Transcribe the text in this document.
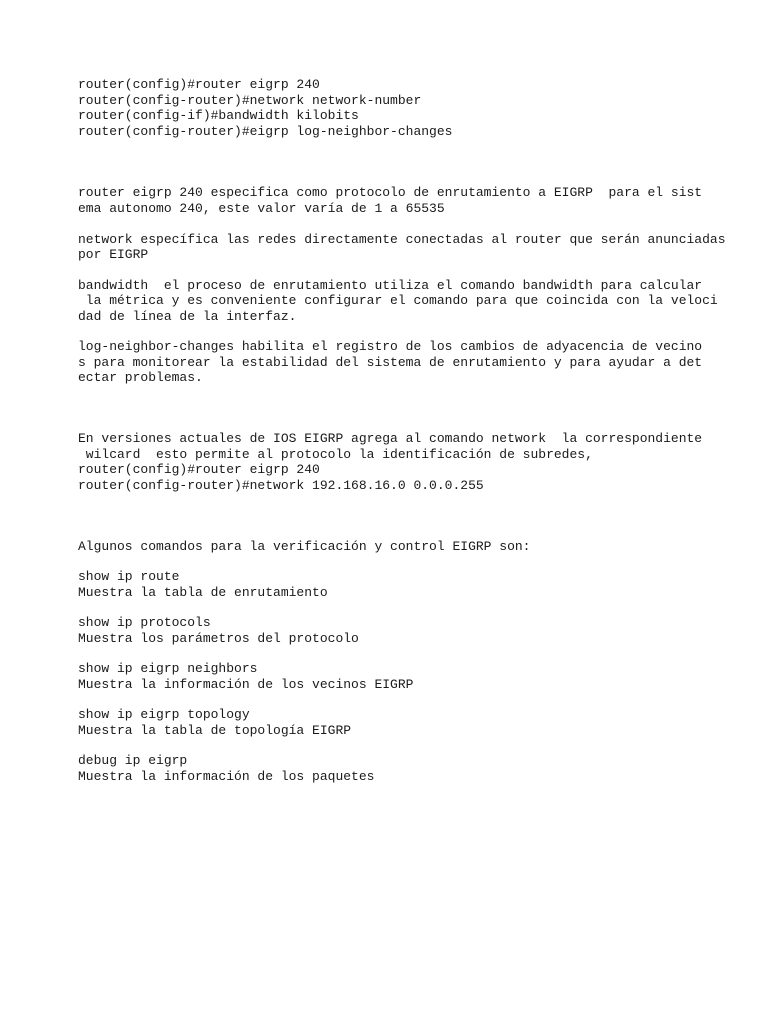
router(config)#router eigrp 240

router(config-router)#network network-number

router(config-if)#bandwidth kilobits

router(config-router)#eigrp log-neighbor-changes

router eigrp 240 especifica como protocolo de enrutamiento a EIGRP  para el sist

ema autonomo 240, este valor varía de 1 a 65535

network específica las redes directamente conectadas al router que serán anunciadas

por EIGRP

bandwidth  el proceso de enrutamiento utiliza el comando bandwidth para calcular

la métrica y es conveniente configurar el comando para que coincida con la veloci

dad de línea de la interfaz.

log-neighbor-changes habilita el registro de los cambios de adyacencia de vecino

s para monitorear la estabilidad del sistema de enrutamiento y para ayudar a det

ectar problemas.

En versiones actuales de IOS EIGRP agrega al comando network  la correspondiente

wilcard  esto permite al protocolo la identificación de subredes,

router(config)#router eigrp 240

router(config-router)#network 192.168.16.0 0.0.0.255

Algunos comandos para la verificación y control EIGRP son:

show ip route

Muestra la tabla de enrutamiento

show ip protocols

Muestra los parámetros del protocolo

show ip eigrp neighbors

Muestra la información de los vecinos EIGRP

show ip eigrp topology

Muestra la tabla de topología EIGRP

debug ip eigrp

Muestra la información de los paquetes
